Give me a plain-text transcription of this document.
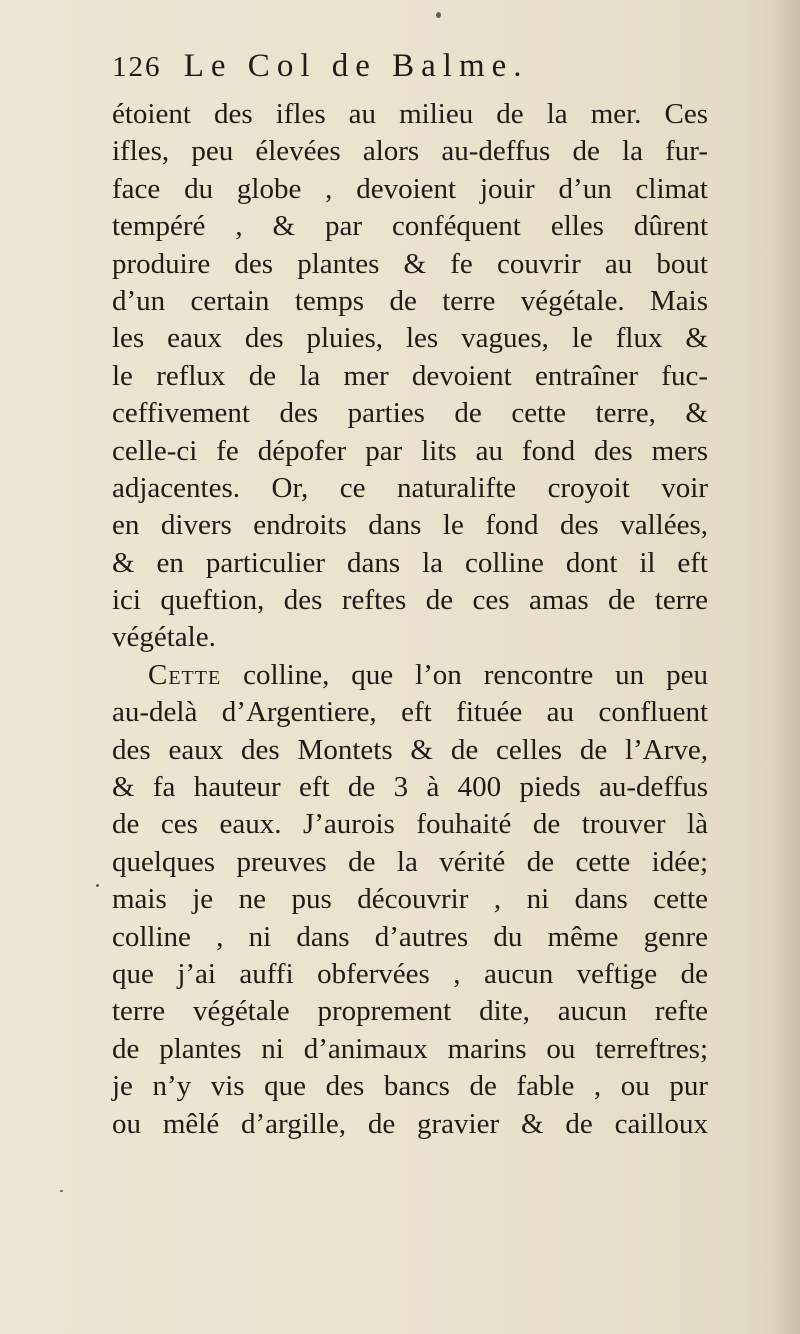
126 Le Col de Balme.
étoient des ifles au milieu de la mer. Ces
ifles, peu élevées alors au-deffus de la fur-
face du globe , devoient jouir d’un climat
tempéré , & par conféquent elles dûrent
produire des plantes & fe couvrir au bout
d’un certain temps de terre végétale. Mais
les eaux des pluies, les vagues, le flux &
le reflux de la mer devoient entraîner fuc-
ceffivement des parties de cette terre, &
celle-ci fe dépofer par lits au fond des mers
adjacentes. Or, ce naturalifte croyoit voir
en divers endroits dans le fond des vallées,
& en particulier dans la colline dont il eft
ici queftion, des reftes de ces amas de terre
végétale.
Cette colline, que l’on rencontre un peu
au-delà d’Argentiere, eft fituée au confluent
des eaux des Montets & de celles de l’Arve,
& fa hauteur eft de 3 à 400 pieds au-deffus
de ces eaux. J’aurois fouhaité de trouver là
quelques preuves de la vérité de cette idée;
mais je ne pus découvrir , ni dans cette
colline , ni dans d’autres du même genre
que j’ai auffi obfervées , aucun veftige de
terre végétale proprement dite, aucun refte
de plantes ni d’animaux marins ou terreftres;
je n’y vis que des bancs de fable , ou pur
ou mêlé d’argille, de gravier & de cailloux
